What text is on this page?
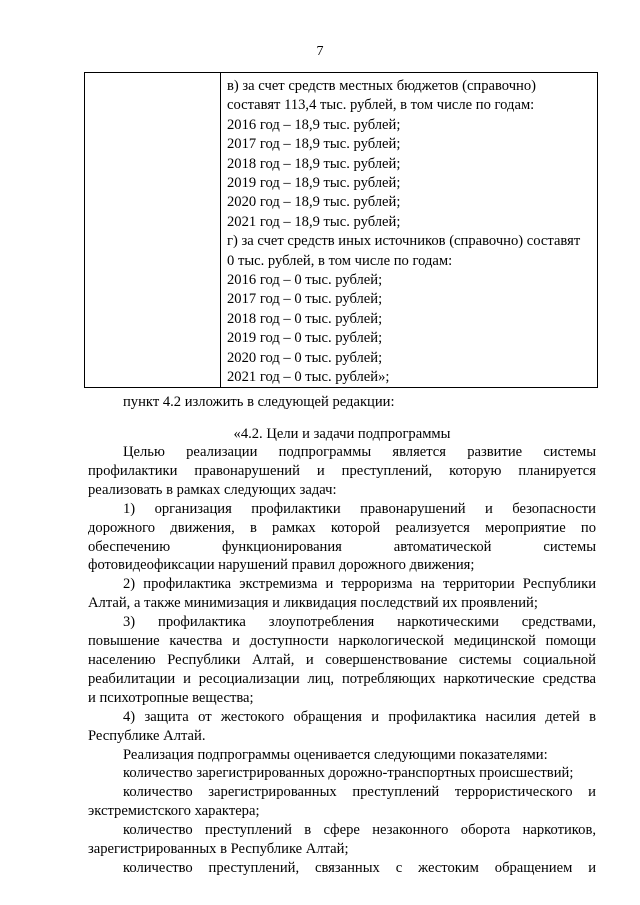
7
в) за счет средств местных бюджетов (справочно)
составят 113,4 тыс. рублей, в том числе по годам:
2016 год – 18,9 тыс. рублей;
2017 год – 18,9 тыс. рублей;
2018 год – 18,9 тыс. рублей;
2019 год – 18,9 тыс. рублей;
2020 год – 18,9 тыс. рублей;
2021 год – 18,9 тыс. рублей;
г) за счет средств иных источников (справочно) составят
0 тыс. рублей, в том числе по годам:
2016 год – 0 тыс. рублей;
2017 год – 0 тыс. рублей;
2018 год – 0 тыс. рублей;
2019 год – 0 тыс. рублей;
2020 год – 0 тыс. рублей;
2021 год – 0 тыс. рублей»;
пункт 4.2 изложить в следующей редакции:
«4.2. Цели и задачи подпрограммы
Целью реализации подпрограммы является развитие системы
профилактики правонарушений и преступлений, которую планируется
реализовать в рамках следующих задач:
1) организация профилактики правонарушений и безопасности
дорожного движения, в рамках которой реализуется мероприятие по
обеспечению функционирования автоматической системы
фотовидеофиксации нарушений правил дорожного движения;
2) профилактика экстремизма и терроризма на территории Республики
Алтай, а также минимизация и ликвидация последствий их проявлений;
3) профилактика злоупотребления наркотическими средствами,
повышение качества и доступности наркологической медицинской помощи
населению Республики Алтай, и совершенствование системы социальной
реабилитации и ресоциализации лиц, потребляющих наркотические средства
и психотропные вещества;
4) защита от жестокого обращения и профилактика насилия детей в
Республике Алтай.
Реализация подпрограммы оценивается следующими показателями:
количество зарегистрированных дорожно-транспортных происшествий;
количество зарегистрированных преступлений террористического и
экстремистского характера;
количество преступлений в сфере незаконного оборота наркотиков,
зарегистрированных в Республике Алтай;
количество преступлений, связанных с жестоким обращением и
